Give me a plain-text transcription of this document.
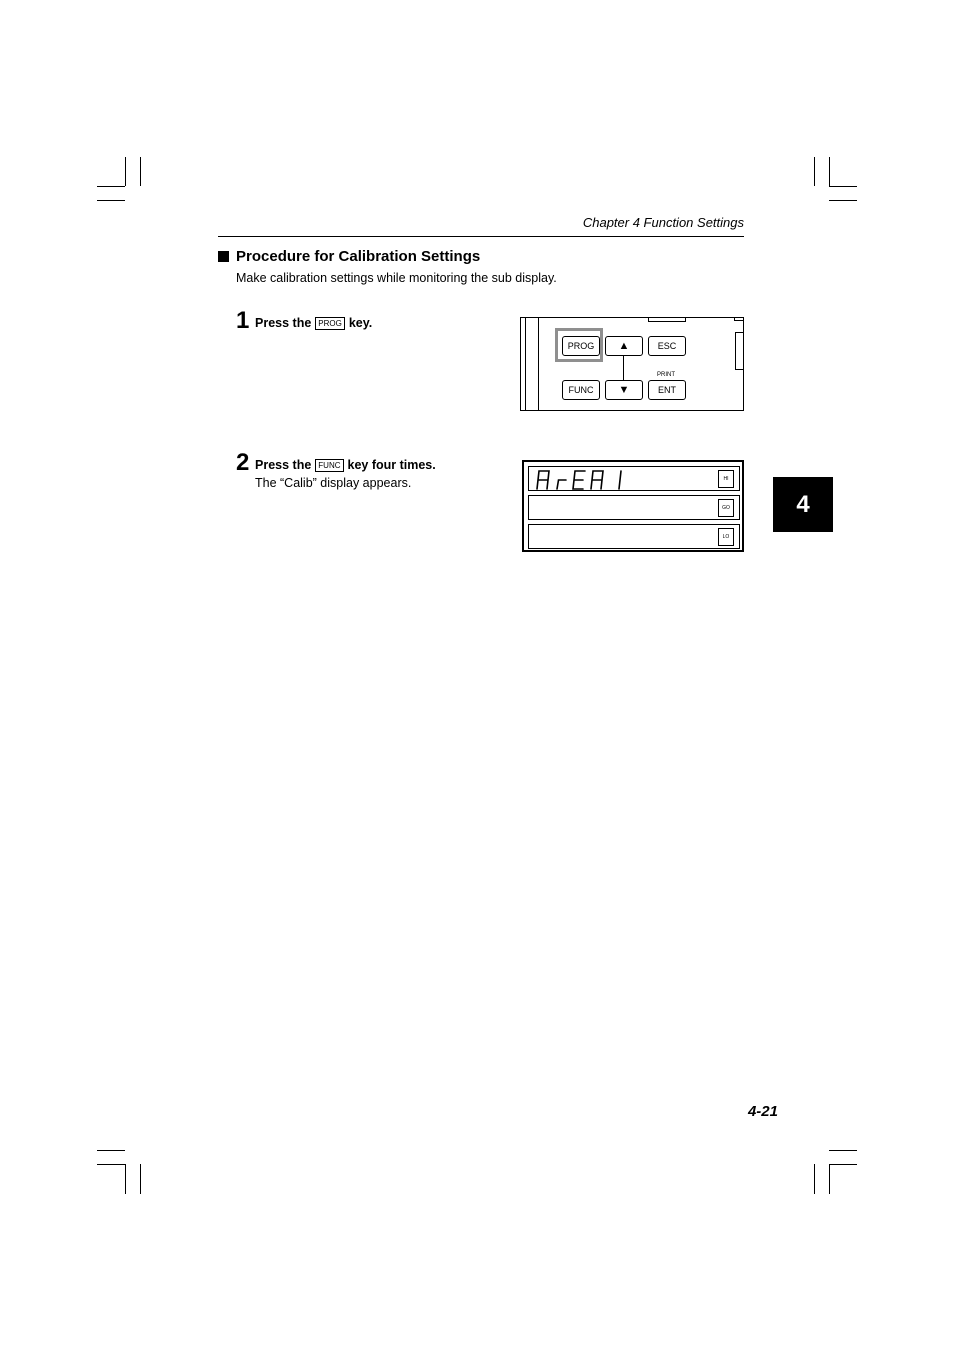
Chapter 4 Function Settings
Procedure for Calibration Settings
Make calibration settings while monitoring the sub display.
1 Press the PROG key.
PROG	▲	ESC
PRINT
FUNC	▼	ENT
2 Press the FUNC key four times.
The “Calib” display appears.	HI
GO
LO
4
4-21
